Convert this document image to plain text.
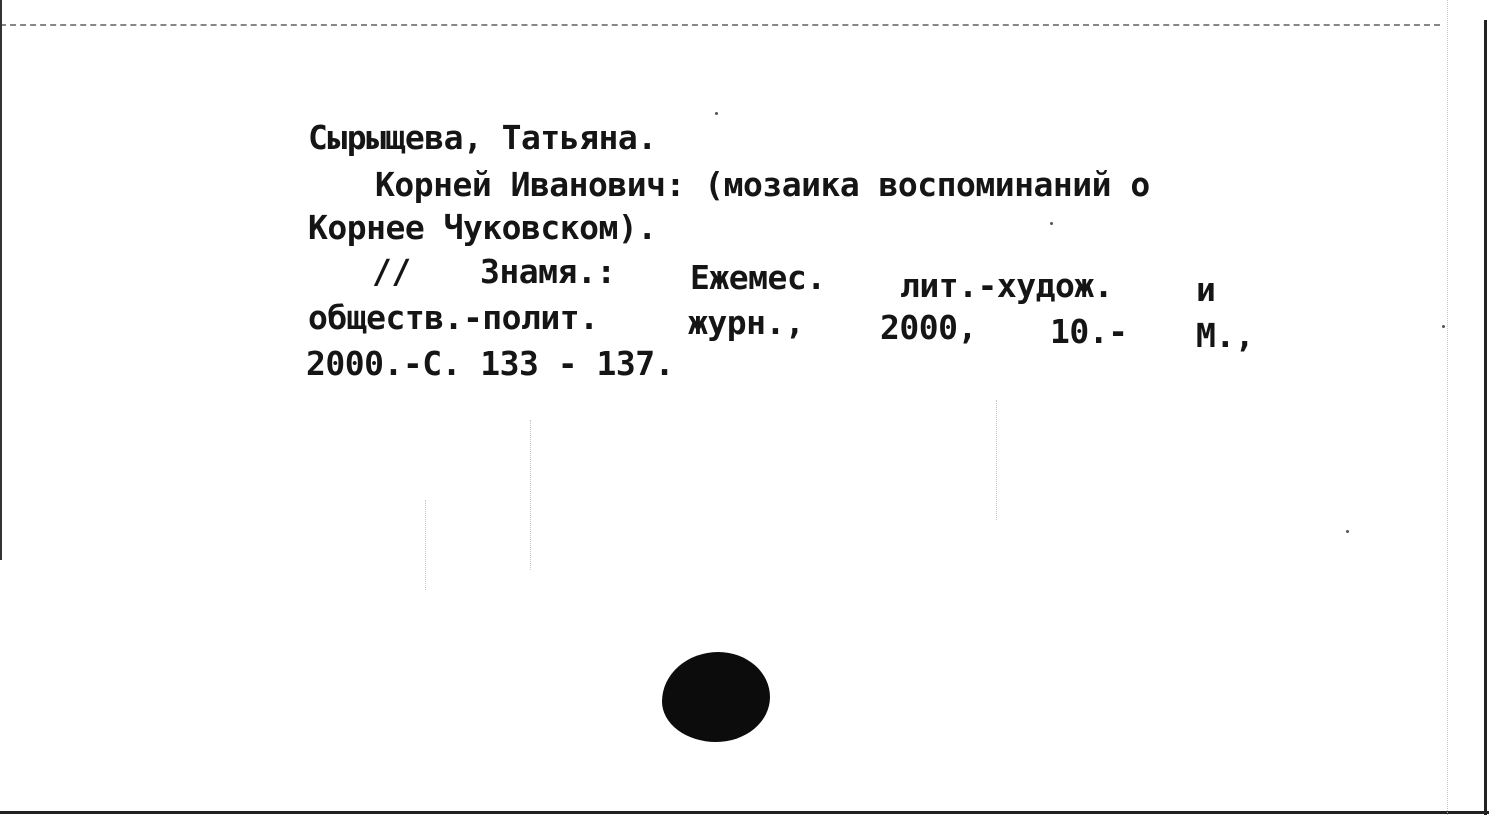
Сырыщева, Татьяна.
Корней Иванович: (мозаика воспоминаний о
Корнее Чуковском).
// Знамя.: Ежемес. лит.-худож.	и
обществ.-полит.	журн., 2000, 10.- М.,
2000.-С. 133 - 137.
